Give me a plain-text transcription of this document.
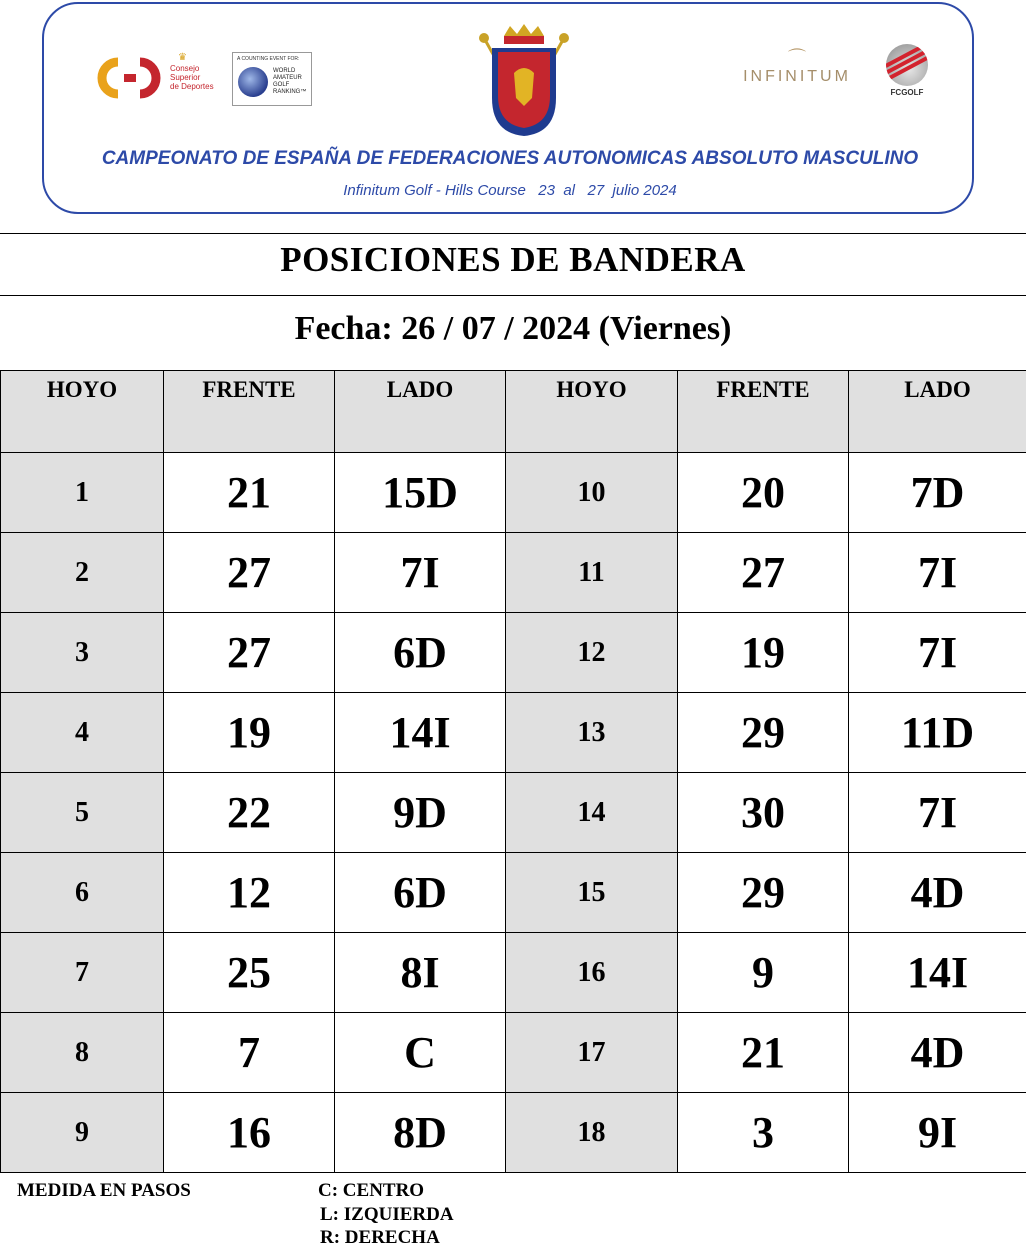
♛
Consejo
Superior
de Deportes
A COUNTING EVENT FOR:
WORLD
AMATEUR
GOLF
RANKING™
⌒
INFINITUM
FCGOLF
CAMPEONATO DE ESPAÑA DE FEDERACIONES AUTONOMICAS ABSOLUTO MASCULINO
Infinitum Golf - Hills Course   23  al   27  julio 2024
POSICIONES DE BANDERA
Fecha: 26 / 07 / 2024 (Viernes)
HOYO	FRENTE	LADO	HOYO	FRENTE	LADO
1	21	15D	10	20	7D
2	27	7I	11	27	7I
3	27	6D	12	19	7I
4	19	14I	13	29	11D
5	22	9D	14	30	7I
6	12	6D	15	29	4D
7	25	8I	16	9	14I
8	7	C	17	21	4D
9	16	8D	18	3	9I
MEDIDA EN PASOS	C: CENTRO
L: IZQUIERDA
R: DERECHA
